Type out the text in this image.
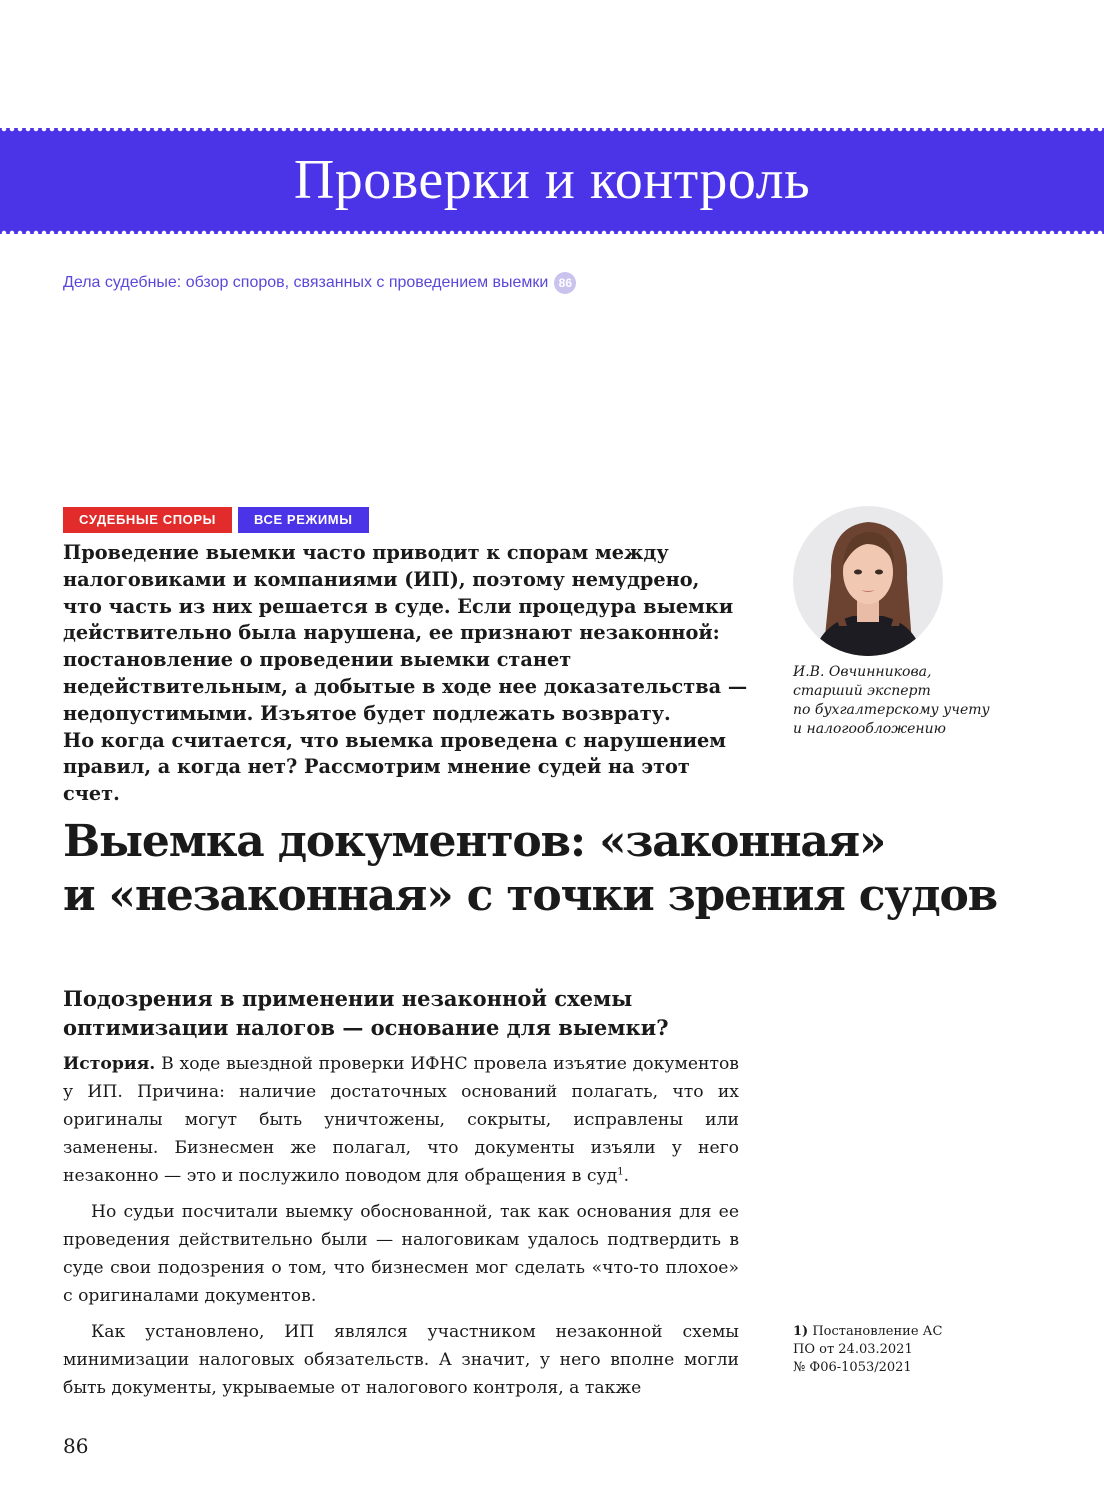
Проверки и контроль
Дела судебные: обзор споров, связанных с проведением выемки 86
СУДЕБНЫЕ СПОРЫ	ВСЕ РЕЖИМЫ
Проведение выемки часто приводит к спорам между
налоговиками и компаниями (ИП), поэтому немудрено,
что часть из них решается в суде. Если процедура выемки
действительно была нарушена, ее признают незаконной:
постановление о проведении выемки станет
недействительным, а добытые в ходе нее доказательства —
недопустимыми. Изъятое будет подлежать возврату.
Но когда считается, что выемка проведена с нарушением
правил, а когда нет? Рассмотрим мнение судей на этот счет.
И.В. Овчинникова,
старший эксперт
по бухгалтерскому учету
и налогообложению
Выемка документов: «законная»
и «незаконная» с точки зрения судов
Подозрения в применении незаконной схемы
оптимизации налогов — основание для выемки?

История. В ходе выездной проверки ИФНС провела изъятие документов у ИП. Причина: наличие достаточных оснований полагать, что их оригиналы могут быть уничтожены, сокрыты, исправлены или заменены. Бизнесмен же полагал, что документы изъяли у него незаконно — это и послужило поводом для обращения в суд$^1$.

Но судьи посчитали выемку обоснованной, так как основания для ее проведения действительно были — налоговикам удалось подтвердить в суде свои подозрения о том, что бизнесмен мог сделать «что-то плохое» с оригиналами документов.

Как установлено, ИП являлся участником незаконной схемы минимизации налоговых обязательств. А значит, у него вполне могли быть документы, укрываемые от налогового контроля, а также

1) Постановление АС
ПО от 24.03.2021
№ Ф06-1053/2021
86
